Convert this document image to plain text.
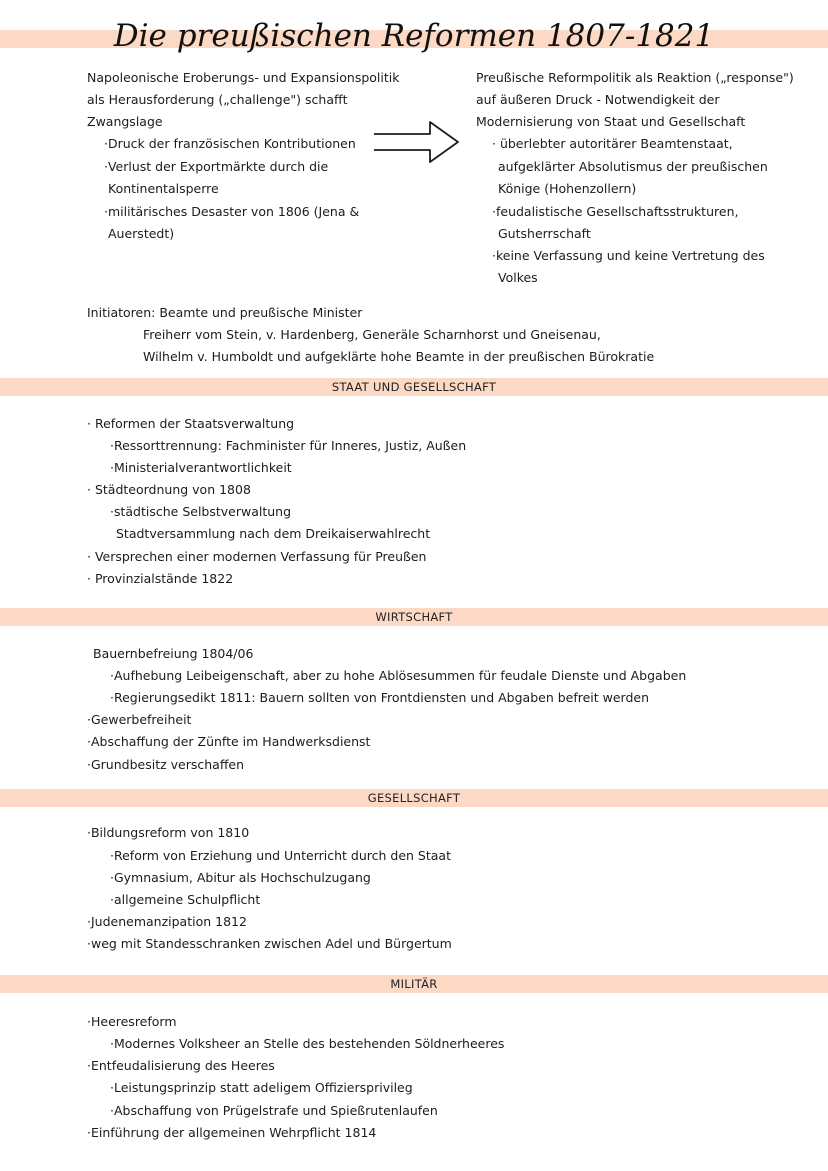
Die preußischen Reformen 1807-1821
Napoleonische Eroberungs- und Expansionspolitik
als Herausforderung („challenge") schafft
Zwangslage
·Druck der französischen Kontributionen
·Verlust der Exportmärkte durch die
Kontinentalsperre
·militärisches Desaster von 1806 (Jena &
Auerstedt)
Preußische Reformpolitik als Reaktion („response")
auf äußeren Druck - Notwendigkeit der
Modernisierung von Staat und Gesellschaft
· überlebter autoritärer Beamtenstaat,
aufgeklärter Absolutismus der preußischen
Könige (Hohenzollern)
·feudalistische Gesellschaftsstrukturen,
Gutsherrschaft
·keine Verfassung und keine Vertretung des
Volkes
Initiatoren: Beamte und preußische Minister
Freiherr vom Stein, v. Hardenberg, Generäle Scharnhorst und Gneisenau,
Wilhelm v. Humboldt und aufgeklärte hohe Beamte in der preußischen Bürokratie
STAAT UND GESELLSCHAFT
· Reformen der Staatsverwaltung
·Ressorttrennung: Fachminister für Inneres, Justiz, Außen
·Ministerialverantwortlichkeit
· Städteordnung von 1808
·städtische Selbstverwaltung
Stadtversammlung nach dem Dreikaiserwahlrecht
· Versprechen einer modernen Verfassung für Preußen
· Provinzialstände 1822
WIRTSCHAFT
Bauernbefreiung 1804/06
·Aufhebung Leibeigenschaft, aber zu hohe Ablösesummen für feudale Dienste und Abgaben
·Regierungsedikt 1811: Bauern sollten von Frontdiensten und Abgaben befreit werden
·Gewerbefreiheit
·Abschaffung der Zünfte im Handwerksdienst
·Grundbesitz verschaffen
GESELLSCHAFT
·Bildungsreform von 1810
·Reform von Erziehung und Unterricht durch den Staat
·Gymnasium, Abitur als Hochschulzugang
·allgemeine Schulpflicht
·Judenemanzipation 1812
·weg mit Standesschranken zwischen Adel und Bürgertum
MILITÄR
·Heeresreform
·Modernes Volksheer an Stelle des bestehenden Söldnerheeres
·Entfeudalisierung des Heeres
·Leistungsprinzip statt adeligem Offiziersprivileg
·Abschaffung von Prügelstrafe und Spießrutenlaufen
·Einführung der allgemeinen Wehrpflicht 1814
